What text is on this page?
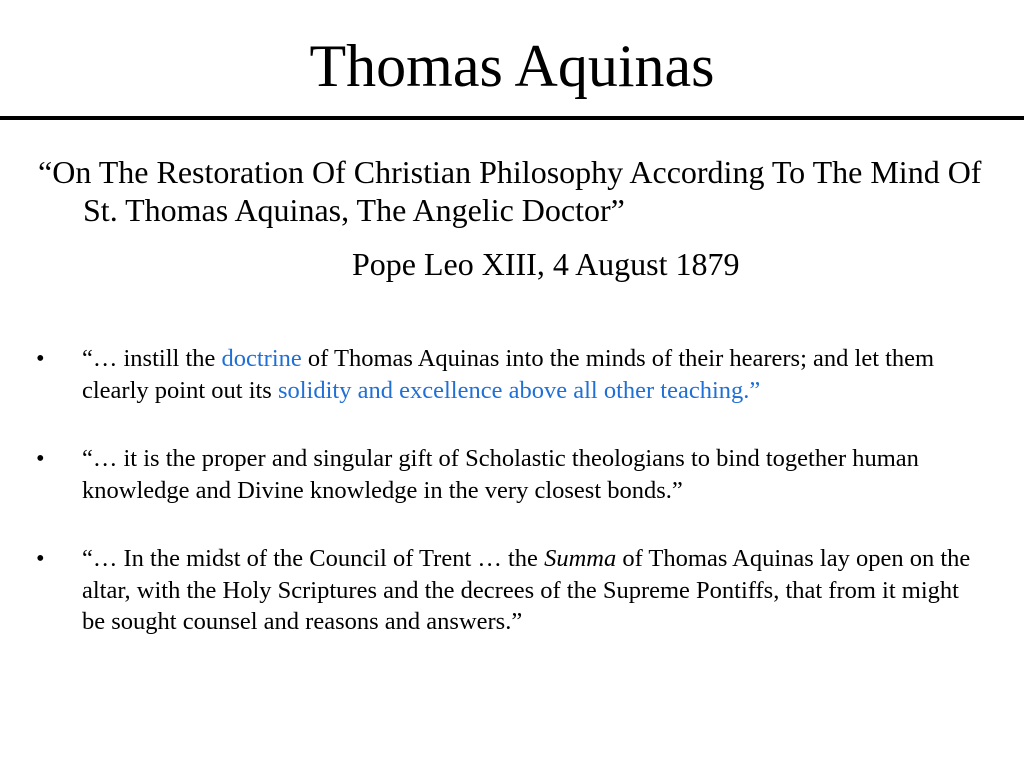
Thomas Aquinas

“On The Restoration Of Christian Philosophy According To The Mind Of St. Thomas Aquinas, The Angelic Doctor”

Pope Leo XIII, 4 August 1879

•	“… instill the doctrine of Thomas Aquinas into the minds of their hearers; and let them clearly point out its solidity and excellence above all other teaching.”
•	“… it is the proper and singular gift of Scholastic theologians to bind together human knowledge and Divine knowledge in the very closest bonds.”
•	“… In the midst of the Council of Trent … the Summa of Thomas Aquinas lay open on the altar, with the Holy Scriptures and the decrees of the Supreme Pontiffs, that from it might be sought counsel and reasons and answers.”
